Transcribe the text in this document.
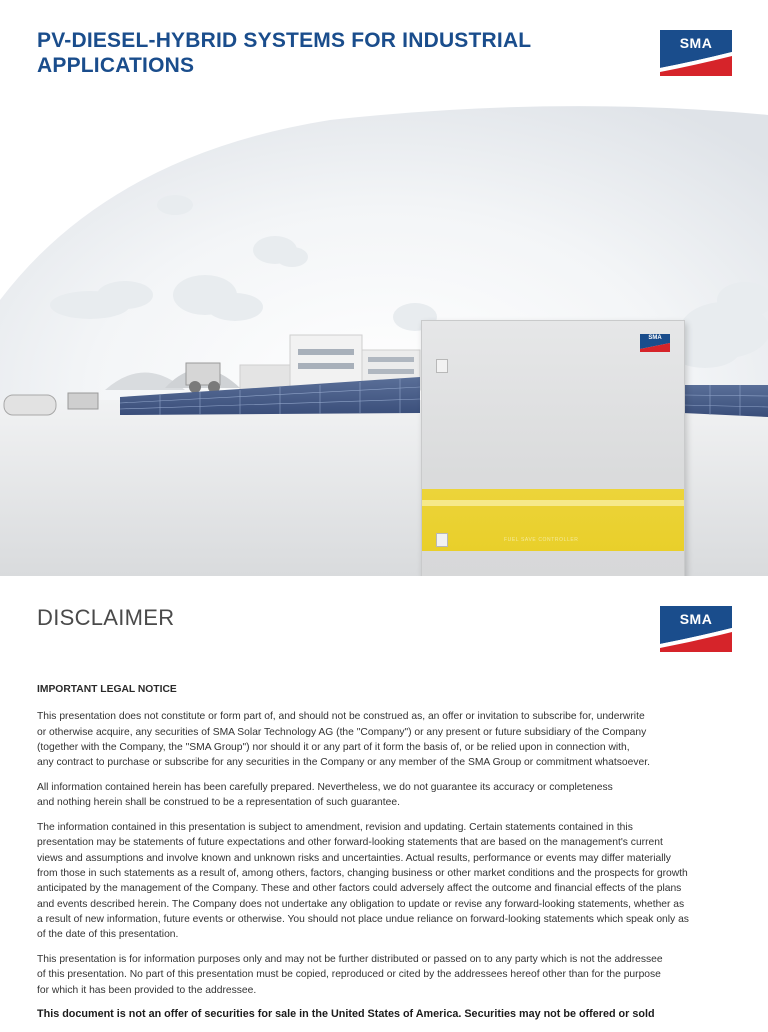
PV-DIESEL-HYBRID SYSTEMS FOR INDUSTRIAL APPLICATIONS
SMA
SMA
FUEL SAVE CONTROLLER
DISCLAIMER	SMA
IMPORTANT LEGAL NOTICE

This presentation does not constitute or form part of, and should not be construed as, an offer or invitation to subscribe for, underwrite
or otherwise acquire, any securities of SMA Solar Technology AG (the "Company") or any present or future subsidiary of the Company
(together with the Company, the "SMA Group") nor should it or any part of it form the basis of, or be relied upon in connection with,
any contract to purchase or subscribe for any securities in the Company or any member of the SMA Group or commitment whatsoever.

All information contained herein has been carefully prepared. Nevertheless, we do not guarantee its accuracy or completeness
and nothing herein shall be construed to be a representation of such guarantee.

The information contained in this presentation is subject to amendment, revision and updating. Certain statements contained in this
presentation may be statements of future expectations and other forward-looking statements that are based on the management's current
views and assumptions and involve known and unknown risks and uncertainties. Actual results, performance or events may differ materially
from those in such statements as a result of, among others, factors, changing business or other market conditions and the prospects for growth
anticipated by the management of the Company. These and other factors could adversely affect the outcome and financial effects of the plans
and events described herein. The Company does not undertake any obligation to update or revise any forward-looking statements, whether as
a result of new information, future events or otherwise. You should not place undue reliance on forward-looking statements which speak only as
of the date of this presentation.

This presentation is for information purposes only and may not be further distributed or passed on to any party which is not the addressee
of this presentation. No part of this presentation must be copied, reproduced or cited by the addressees hereof other than for the purpose
for which it has been provided to the addressee.

This document is not an offer of securities for sale in the United States of America. Securities may not be offered or sold
